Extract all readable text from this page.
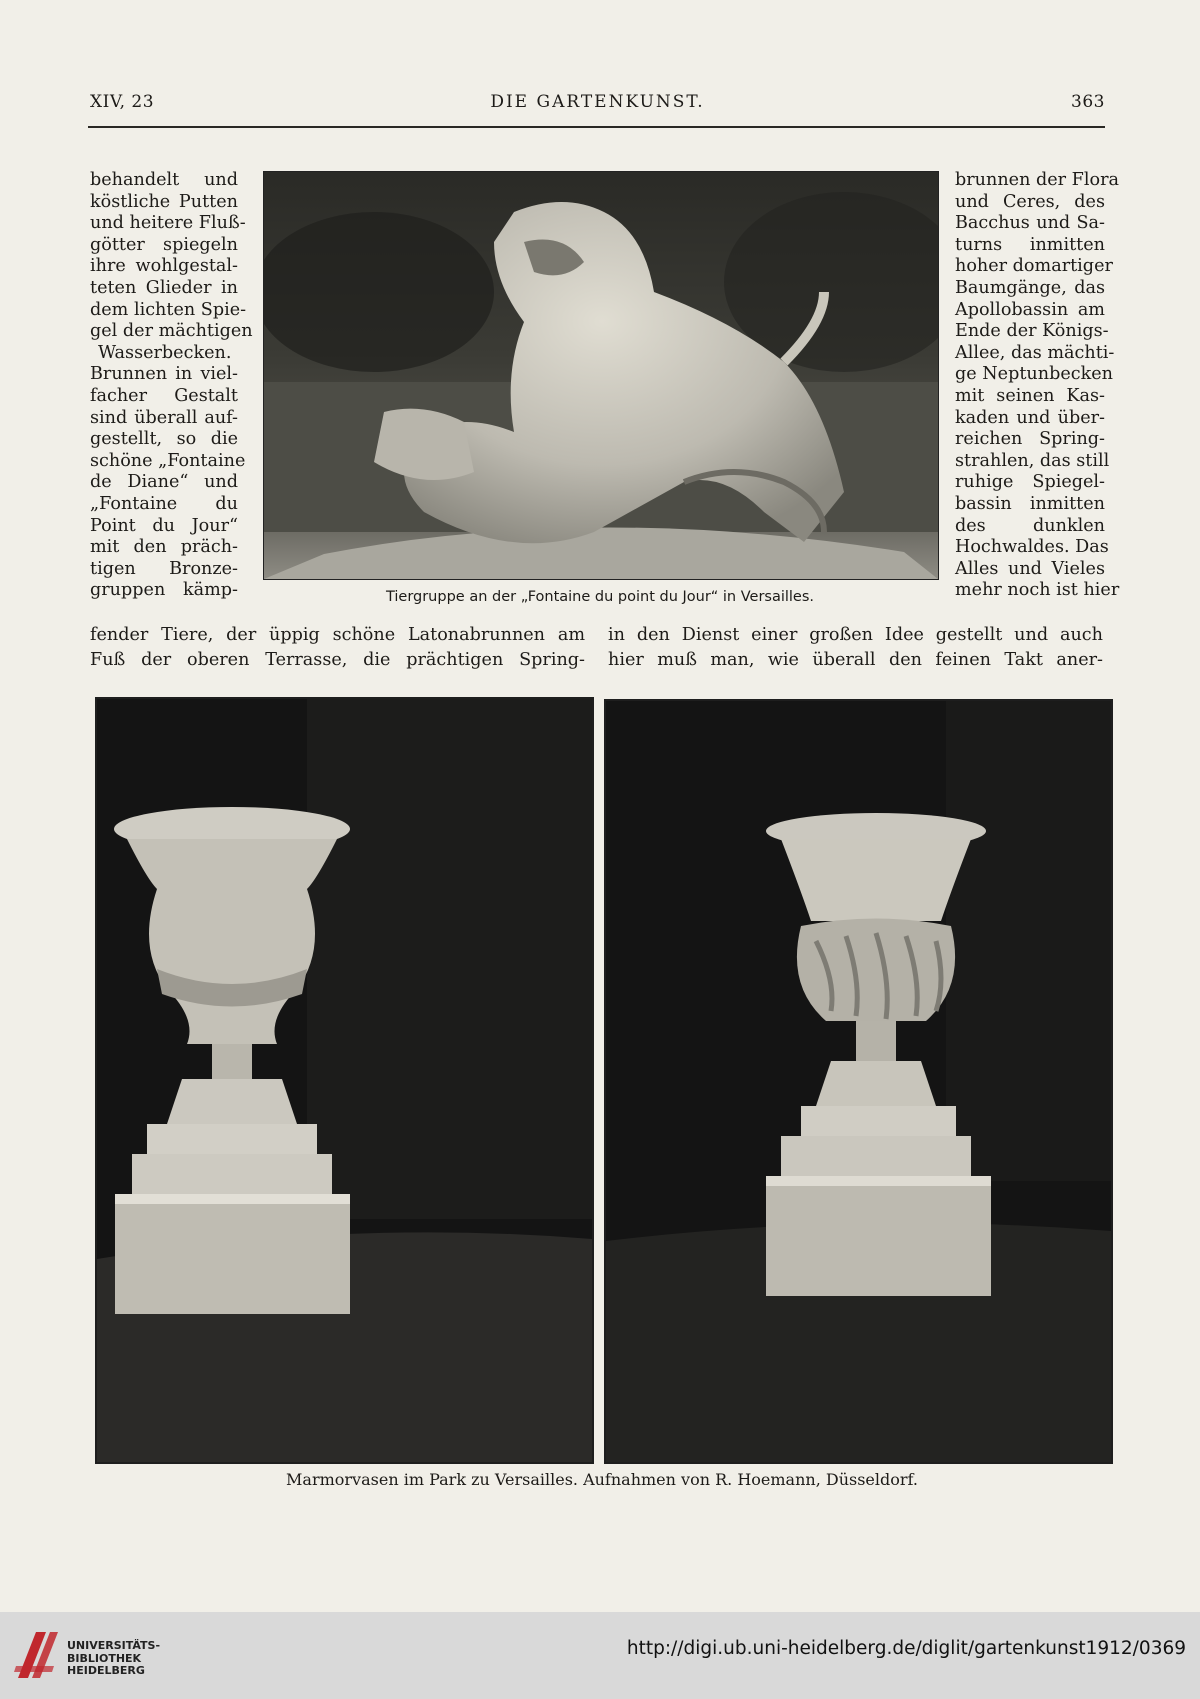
XIV, 23	DIE GARTENKUNST.	363
behandelt und
köstliche Putten
und heitere Fluß-
götter spiegeln
ihre wohlgestal-
teten Glieder in
dem lichten Spie-
gel der mächtigen
Wasserbecken.
Brunnen in viel-
facher Gestalt
sind überall auf-
gestellt, so die
schöne „Fontaine
de Diane“ und
„Fontaine du
Point du Jour“
mit den präch-
tigen Bronze-
gruppen kämp-	Tiergruppe an der „Fontaine du point du Jour“ in Versailles.
brunnen der Flora
und Ceres, des
Bacchus und Sa-
turns inmitten
hoher domartiger
Baumgänge, das
Apollobassin am
Ende der Königs-
Allee, das mächti-
ge Neptunbecken
mit seinen Kas-
kaden und über-
reichen Spring-
strahlen, das still
ruhige Spiegel-
bassin inmitten
des dunklen
Hochwaldes. Das
Alles und Vieles
mehr noch ist hier
fender Tiere, der üppig schöne Latonabrunnen am
Fuß der oberen Terrasse, die prächtigen Spring-
in den Dienst einer großen Idee gestellt und auch
hier muß man, wie überall den feinen Takt aner-
Marmorvasen im Park zu Versailles. Aufnahmen von R. Hoemann, Düsseldorf.
UNIVERSITÄTS-
BIBLIOTHEK
HEIDELBERG
http://digi.ub.uni-heidelberg.de/diglit/gartenkunst1912/0369
